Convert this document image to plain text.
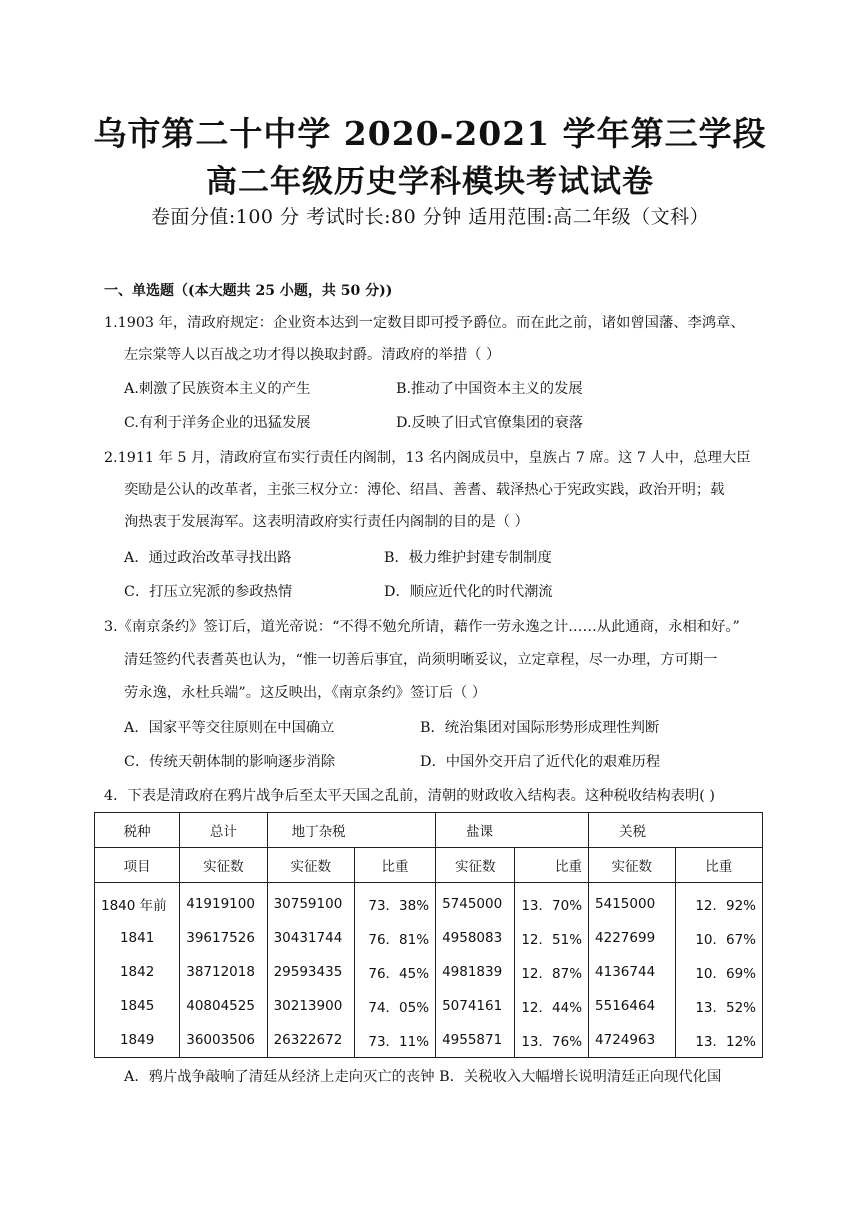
乌市第二十中学 2020-2021 学年第三学段
高二年级历史学科模块考试试卷
卷面分值:100 分 考试时长:80 分钟 适用范围:高二年级（文科）
一、单选题（(本大题共 25 小题，共 50 分))
1.1903 年，清政府规定：企业资本达到一定数目即可授予爵位。而在此之前，诸如曾国藩、李鸿章、
左宗棠等人以百战之功才得以换取封爵。清政府的举措（ ）
A.刺激了民族资本主义的产生	B.推动了中国资本主义的发展
C.有利于洋务企业的迅猛发展	D.反映了旧式官僚集团的衰落
2.1911 年 5 月，清政府宣布实行责任内阁制，13 名内阁成员中，皇族占 7 席。这 7 人中，总理大臣
奕劻是公认的改革者，主张三权分立：溥伦、绍昌、善耆、载泽热心于宪政实践，政治开明；载
洵热衷于发展海军。这表明清政府实行责任内阁制的目的是（ ）
A．通过政治改革寻找出路	B．极力维护封建专制制度
C．打压立宪派的参政热情	D．顺应近代化的时代潮流
3.《南京条约》签订后，道光帝说：“不得不勉允所请，藉作一劳永逸之计……从此通商，永相和好。”
清廷签约代表耆英也认为，“惟一切善后事宜，尚须明晰妥议，立定章程，尽一办理，方可期一
劳永逸，永杜兵端”。这反映出，《南京条约》签订后（ ）
A．国家平等交往原则在中国确立	B．统治集团对国际形势形成理性判断
C．传统天朝体制的影响逐步消除	D．中国外交开启了近代化的艰难历程
4．下表是清政府在鸦片战争后至太平天国之乱前，清朝的财政收入结构表。这种税收结构表明( )
税种	总计	地丁杂税		盐课		关税	
项目	实征数	实征数	比重	实征数	比重	实征数	比重
1840 年前	41919100	30759100	73．38%	5745000	13．70%	5415000	12．92%
1841	39617526	30431744	76．81%	4958083	12．51%	4227699	10．67%
1842	38712018	29593435	76．45%	4981839	12．87%	4136744	10．69%
1845	40804525	30213900	74．05%	5074161	12．44%	5516464	13．52%
1849	36003506	26322672	73．11%	4955871	13．76%	4724963	13．12%
A．鸦片战争敲响了清廷从经济上走向灭亡的丧钟 B．关税收入大幅增长说明清廷正向现代化国
